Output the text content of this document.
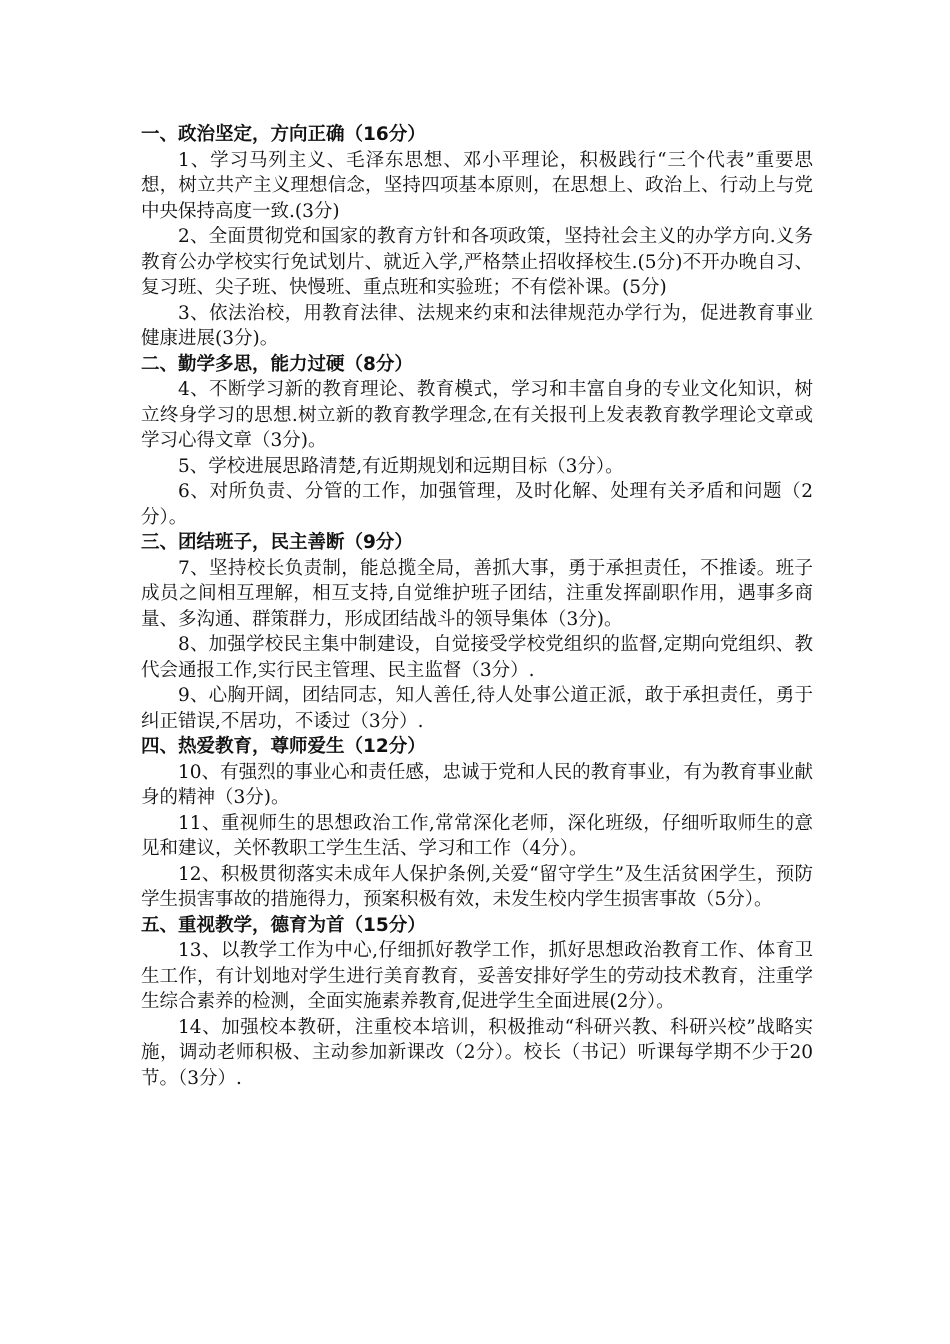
一、政治坚定，方向正确（16分）

1、学习马列主义、毛泽东思想、邓小平理论，积极践行“三个代表”重要思想，树立共产主义理想信念，坚持四项基本原则，在思想上、政治上、行动上与党中央保持高度一致.(3分)

2、全面贯彻党和国家的教育方针和各项政策，坚持社会主义的办学方向.义务教育公办学校实行免试划片、就近入学,严格禁止招收择校生.(5分)不开办晚自习、复习班、尖子班、快慢班、重点班和实验班；不有偿补课。(5分)

3、依法治校，用教育法律、法规来约束和法律规范办学行为，促进教育事业健康进展(3分)。

二、勤学多思，能力过硬（8分）

4、不断学习新的教育理论、教育模式，学习和丰富自身的专业文化知识，树立终身学习的思想.树立新的教育教学理念,在有关报刊上发表教育教学理论文章或学习心得文章（3分)。

5、学校进展思路清楚,有近期规划和远期目标（3分）。

6、对所负责、分管的工作，加强管理，及时化解、处理有关矛盾和问题（2分）。

三、团结班子，民主善断（9分）

7、坚持校长负责制，能总揽全局，善抓大事，勇于承担责任，不推诿。班子成员之间相互理解，相互支持,自觉维护班子团结，注重发挥副职作用，遇事多商量、多沟通、群策群力，形成团结战斗的领导集体（3分)。

8、加强学校民主集中制建设，自觉接受学校党组织的监督,定期向党组织、教代会通报工作,实行民主管理、民主监督（3分）.

9、心胸开阔，团结同志，知人善任,待人处事公道正派，敢于承担责任，勇于纠正错误,不居功，不诿过（3分）.

四、热爱教育，尊师爱生（12分）

10、有强烈的事业心和责任感，忠诚于党和人民的教育事业，有为教育事业献身的精神（3分)。

11、重视师生的思想政治工作,常常深化老师，深化班级，仔细听取师生的意见和建议，关怀教职工学生生活、学习和工作（4分）。

12、积极贯彻落实未成年人保护条例,关爱“留守学生”及生活贫困学生，预防学生损害事故的措施得力，预案积极有效，未发生校内学生损害事故（5分）。

五、重视教学，德育为首（15分）

13、以教学工作为中心,仔细抓好教学工作，抓好思想政治教育工作、体育卫生工作，有计划地对学生进行美育教育，妥善安排好学生的劳动技术教育，注重学生综合素养的检测，全面实施素养教育,促进学生全面进展(2分）。

14、加强校本教研，注重校本培训，积极推动“科研兴教、科研兴校”战略实施，调动老师积极、主动参加新课改（2分）。校长（书记）听课每学期不少于20节。（3分）.
